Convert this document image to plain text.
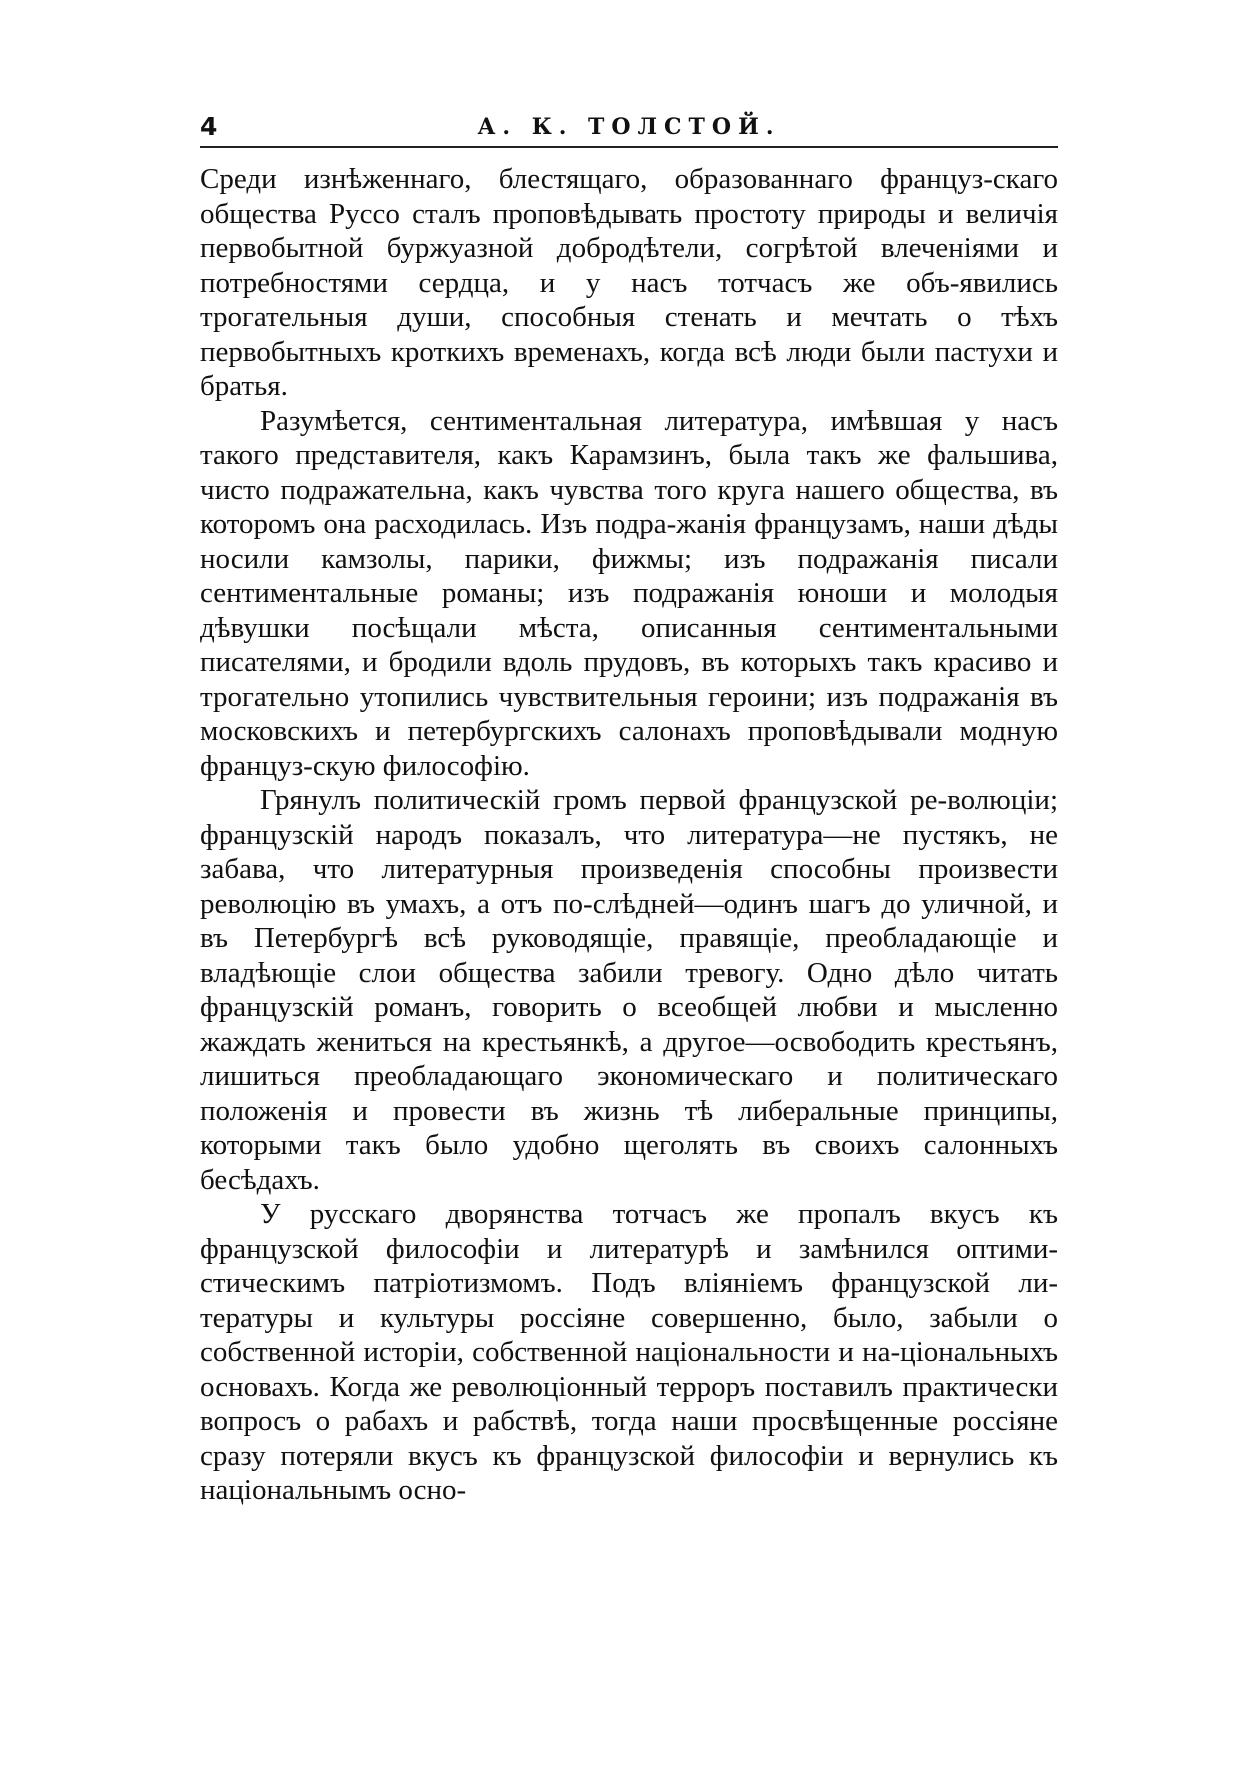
4	А. К. ТОЛСТОЙ.

Среди изнѣженнаго, блестящаго, образованнаго француз-скаго общества Руссо сталъ проповѣдывать простоту природы и величія первобытной буржуазной добродѣтели, согрѣтой влеченіями и потребностями сердца, и у насъ тотчасъ же объ-явились трогательныя души, способныя стенать и мечтать о тѣхъ первобытныхъ кроткихъ временахъ, когда всѣ люди были пастухи и братья.

Разумѣется, сентиментальная литература, имѣвшая у насъ такого представителя, какъ Карамзинъ, была такъ же фальшива, чисто подражательна, какъ чувства того круга нашего общества, въ которомъ она расходилась. Изъ подра-жанія французамъ, наши дѣды носили камзолы, парики, фижмы; изъ подражанія писали сентиментальные романы; изъ подражанія юноши и молодыя дѣвушки посѣщали мѣста, описанныя сентиментальными писателями, и бродили вдоль прудовъ, въ которыхъ такъ красиво и трогательно утопились чувствительныя героини; изъ подражанія въ московскихъ и петербургскихъ салонахъ проповѣдывали модную француз-скую философію.

Грянулъ политическій громъ первой французской ре-волюціи; французскій народъ показалъ, что литература—не пустякъ, не забава, что литературныя произведенія способны произвести революцію въ умахъ, а отъ по-слѣдней—одинъ шагъ до уличной, и въ Петербургѣ всѣ руководящіе, правящіе, преобладающіе и владѣющіе слои общества забили тревогу. Одно дѣло читать французскій романъ, говорить о всеобщей любви и мысленно жаждать жениться на крестьянкѣ, а другое—освободить крестьянъ, лишиться преобладающаго экономическаго и политическаго положенія и провести въ жизнь тѣ либеральные принципы, которыми такъ было удобно щеголять въ своихъ салонныхъ бесѣдахъ.

У русскаго дворянства тотчасъ же пропалъ вкусъ къ французской философіи и литературѣ и замѣнился оптими-стическимъ патріотизмомъ. Подъ вліяніемъ французской ли-тературы и культуры россіяне совершенно, было, забыли о собственной исторіи, собственной національности и на-ціональныхъ основахъ. Когда же революціонный терроръ поставилъ практически вопросъ о рабахъ и рабствѣ, тогда наши просвѣщенные россіяне сразу потеряли вкусъ къ французской философіи и вернулись къ національнымъ осно-
